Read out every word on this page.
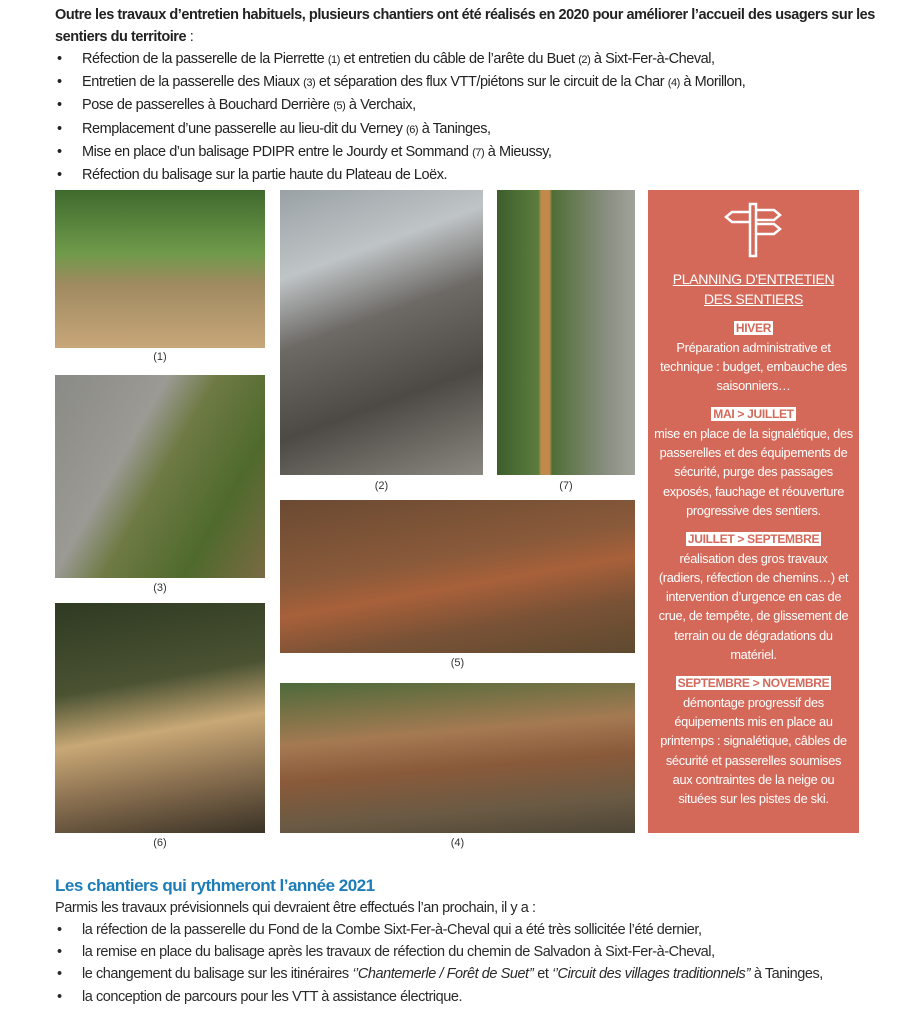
Outre les travaux d’entretien habituels, plusieurs chantiers ont été réalisés en 2020 pour améliorer l’accueil des usagers sur les sentiers du territoire :
• Réfection de la passerelle de la Pierrette (1) et entretien du câble de l’arête du Buet (2) à Sixt-Fer-à-Cheval,
• Entretien de la passerelle des Miaux (3) et séparation des flux VTT/piétons sur le circuit de la Char (4) à Morillon,
• Pose de passerelles à Bouchard Derrière (5) à Verchaix,
• Remplacement d’une passerelle au lieu-dit du Verney (6) à Taninges,
• Mise en place d’un balisage PDIPR entre le Jourdy et Sommand (7) à Mieussy,
• Réfection du balisage sur la partie haute du Plateau de Loëx.
(1)
(2)	(7)
(3)
(5)
(6)	(4)
PLANNING D'ENTRETIEN
DES SENTIERS
HIVER
Préparation administrative et technique : budget, embauche des saisonniers…
MAI > JUILLET
mise en place de la signalétique, des passerelles et des équipements de sécurité, purge des passages exposés, fauchage et réouverture progressive des sentiers.
JUILLET > SEPTEMBRE
réalisation des gros travaux (radiers, réfection de chemins…) et intervention d’urgence en cas de crue, de tempête, de glissement de terrain ou de dégradations du matériel.
SEPTEMBRE > NOVEMBRE
démontage progressif des équipements mis en place au printemps : signalétique, câbles de sécurité et passerelles soumises aux contraintes de la neige ou situées sur les pistes de ski.
Les chantiers qui rythmeront l’année 2021
Parmis les travaux prévisionnels qui devraient être effectués l’an prochain, il y a :
• la réfection de la passerelle du Fond de la Combe Sixt-Fer-à-Cheval qui a été très sollicitée l’été dernier,
• la remise en place du balisage après les travaux de réfection du chemin de Salvadon à Sixt-Fer-à-Cheval,
• le changement du balisage sur les itinéraires ‘’Chantemerle / Forêt de Suet’’ et ‘’Circuit des villages traditionnels’’ à Taninges,
• la conception de parcours pour les VTT à assistance électrique.
